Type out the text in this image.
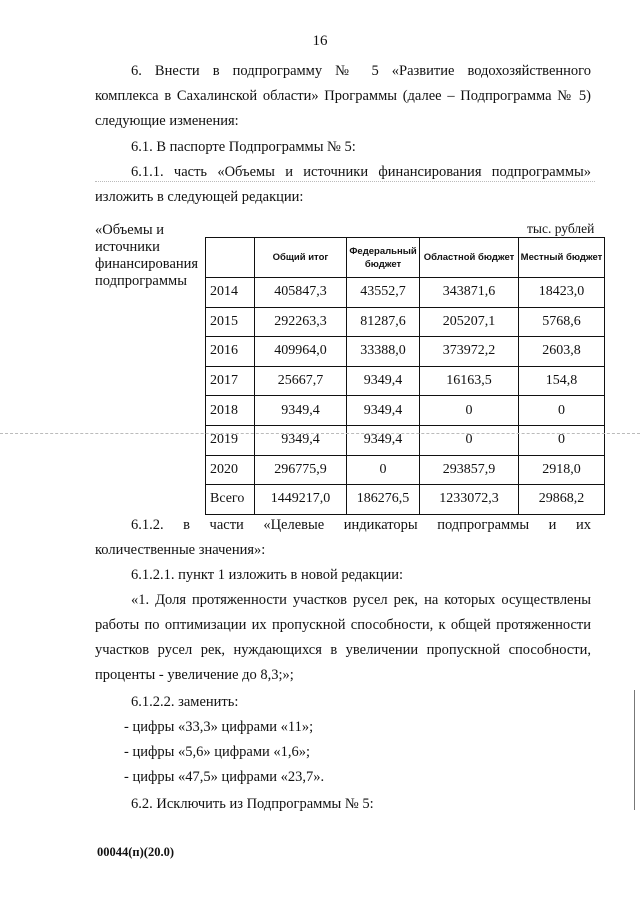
16
6. Внести в подпрограмму № 5 «Развитие водохозяйственного
комплекса в Сахалинской области» Программы (далее – Подпрограмма № 5)
следующие изменения:
6.1. В паспорте Подпрограммы № 5:
6.1.1. часть «Объемы и источники финансирования подпрограммы»
изложить в следующей редакции:
«Объемы и
источники
финансирования
подпрограммы
тыс. рублей
	Общий итог	Федеральный бюджет	Областной бюджет	Местный бюджет
2014	405847,3	43552,7	343871,6	18423,0
2015	292263,3	81287,6	205207,1	5768,6
2016	409964,0	33388,0	373972,2	2603,8
2017	25667,7	9349,4	16163,5	154,8
2018	9349,4	9349,4	0	0
2019	9349,4	9349,4	0	0
2020	296775,9	0	293857,9	2918,0
Всего	1449217,0	186276,5	1233072,3	29868,2
6.1.2. в части «Целевые индикаторы подпрограммы и их
количественные значения»:
6.1.2.1. пункт 1 изложить в новой редакции:
«1. Доля протяженности участков русел рек, на которых осуществлены
работы по оптимизации их пропускной способности, к общей протяженности
участков русел рек, нуждающихся в увеличении пропускной способности,
проценты - увеличение до 8,3;»;
6.1.2.2. заменить:
- цифры «33,3» цифрами «11»;
- цифры «5,6» цифрами «1,6»;
- цифры «47,5» цифрами «23,7».
6.2. Исключить из Подпрограммы № 5:
00044(п)(20.0)
